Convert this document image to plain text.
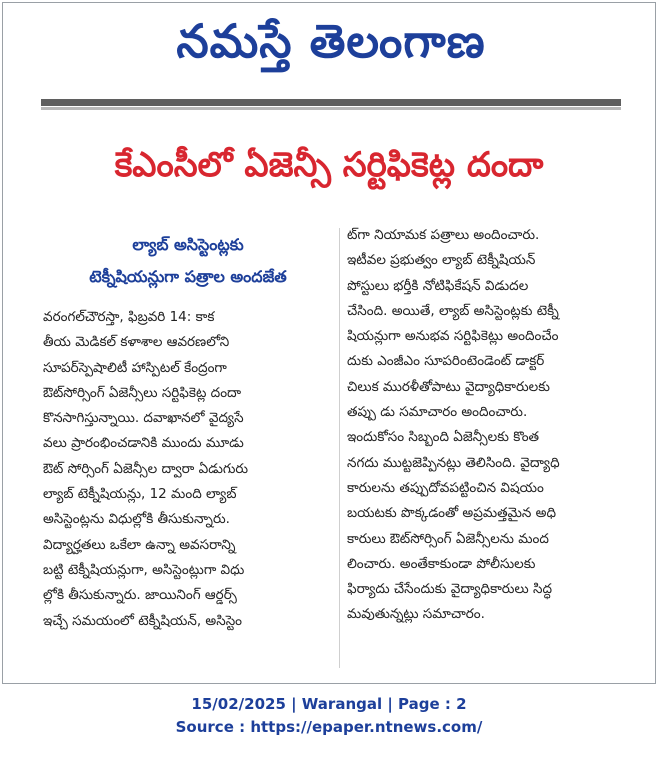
నమస్తే తెలంగాణ
కేఎంసీలో ఏజెన్సీ సర్టిఫికెట్ల దందా
ల్యాబ్ అసిస్టెంట్లకు
టెక్నీషియన్లుగా పత్రాల అందజేత
వరంగల్‌చౌరస్తా, ఫిబ్రవరి 14: కాక
తీయ మెడికల్ కళాశాల ఆవరణలోని
సూపర్‌స్పెషాలిటీ హాస్పిటల్ కేంద్రంగా
ఔట్‌సోర్సింగ్ ఏజెన్సీలు సర్టిఫికెట్ల దందా
కొనసాగిస్తున్నాయి. దవాఖానలో వైద్యసే
వలు ప్రారంభించడానికి ముందు మూడు
ఔట్ సోర్సింగ్ ఏజెన్సీల ద్వారా ఏడుగురు
ల్యాబ్ టెక్నీషియన్లు, 12 మంది ల్యాబ్
అసిస్టెంట్లను విధుల్లోకి తీసుకున్నారు.
విద్యార్హతలు ఒకేలా ఉన్నా అవసరాన్ని
బట్టి టెక్నీషియన్లుగా, అసిస్టెంట్లుగా విధు
ల్లోకి తీసుకున్నారు. జాయినింగ్ ఆర్డర్స్
ఇచ్చే సమయంలో టెక్నీషియన్, అసిస్టెం
ట్‌గా నియామక పత్రాలు అందించారు.
ఇటీవల ప్రభుత్వం ల్యాబ్ టెక్నీషియన్
పోస్టులు భర్తీకి నోటిఫికేషన్ విడుదల
చేసింది. అయితే, ల్యాబ్ అసిస్టెంట్లకు టెక్నీ
షియన్లుగా అనుభవ సర్టిఫికెట్లు అందించేం
దుకు ఎంజీఎం సూపరింటెండెంట్ డాక్టర్
చిలుక మురళీతోపాటు వైద్యాధికారులకు
తప్పు డు సమాచారం అందించారు.
ఇందుకోసం సిబ్బంది ఏజెన్సీలకు కొంత
నగదు ముట్టజెప్పినట్లు తెలిసింది. వైద్యాధి
కారులను తప్పుదోవపట్టించిన విషయం
బయటకు పొక్కడంతో అప్రమత్తమైన అధి
కారులు ఔట్‌సోర్సింగ్ ఏజెన్సీలను మంద
లించారు. అంతేకాకుండా పోలీసులకు
ఫిర్యాదు చేసేందుకు వైద్యాధికారులు సిద్ధ
మవుతున్నట్లు సమాచారం.
15/02/2025 | Warangal | Page : 2
Source : https://epaper.ntnews.com/
